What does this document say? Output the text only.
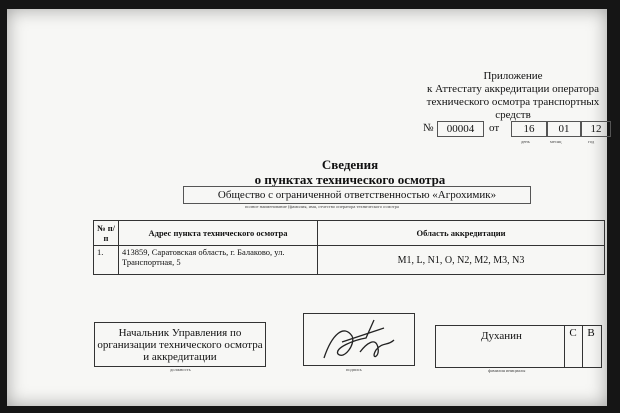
Приложение
к Аттестату аккредитации оператора
технического осмотра транспортных
средств
№	00004	от	16	01	12
день	месяц	год
Сведения
о пунктах технического осмотра
Общество с ограниченной ответственностью «Агрохимик»
полное наименование (фамилия, имя, отчество оператора технического осмотра
№ п/п	Адрес пункта технического осмотра	Область аккредитации
1.	413859, Саратовская область, г. Балаково, ул. Транспортная, 5	M1, L, N1, O, N2, M2, M3, N3
Начальник Управления по организации технического осмотра и аккредитации
должность	подпись
Духанин	С В
фамилия инициалы
